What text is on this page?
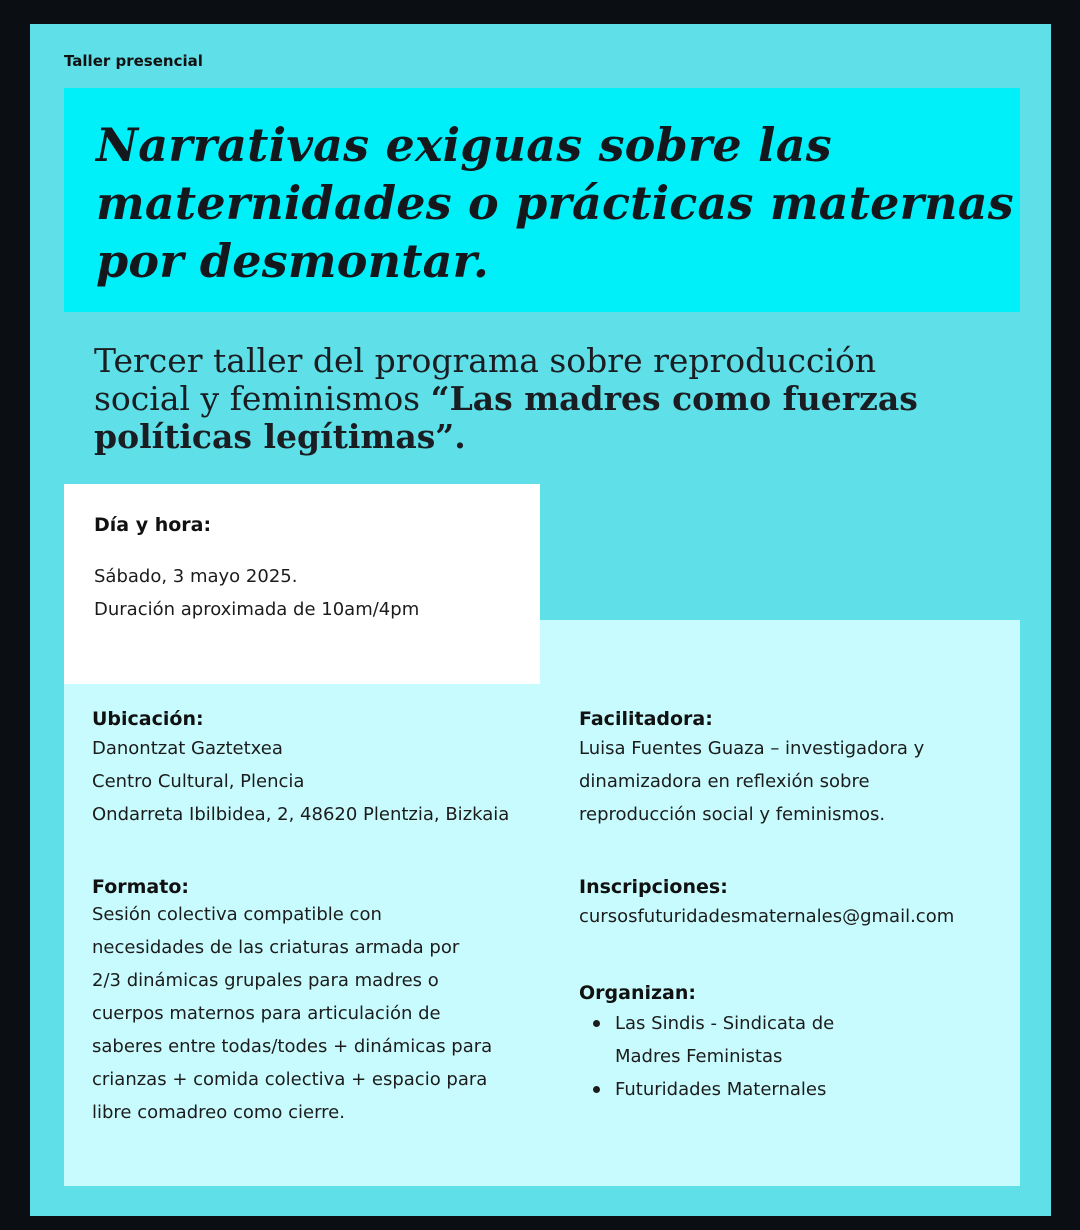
Taller presencial
Narrativas exiguas sobre las
maternidades o prácticas maternas
por desmontar.
Tercer taller del programa sobre reproducción
social y feminismos “Las madres como fuerzas
políticas legítimas”.
Día y hora:
Sábado, 3 mayo 2025.
Duración aproximada de 10am/4pm
Ubicación:
Danontzat Gaztetxea
Centro Cultural, Plencia
Ondarreta Ibilbidea, 2, 48620 Plentzia, Bizkaia
Formato:
Sesión colectiva compatible con
necesidades de las criaturas armada por
2/3 dinámicas grupales para madres o
cuerpos maternos para articulación de
saberes entre todas/todes + dinámicas para
crianzas + comida colectiva + espacio para
libre comadreo como cierre.
Facilitadora:
Luisa Fuentes Guaza – investigadora y
dinamizadora en reflexión sobre
reproducción social y feminismos.
Inscripciones:
cursosfuturidadesmaternales@gmail.com
Organizan:
Las Sindis - Sindicata de
Madres Feministas
Futuridades Maternales
